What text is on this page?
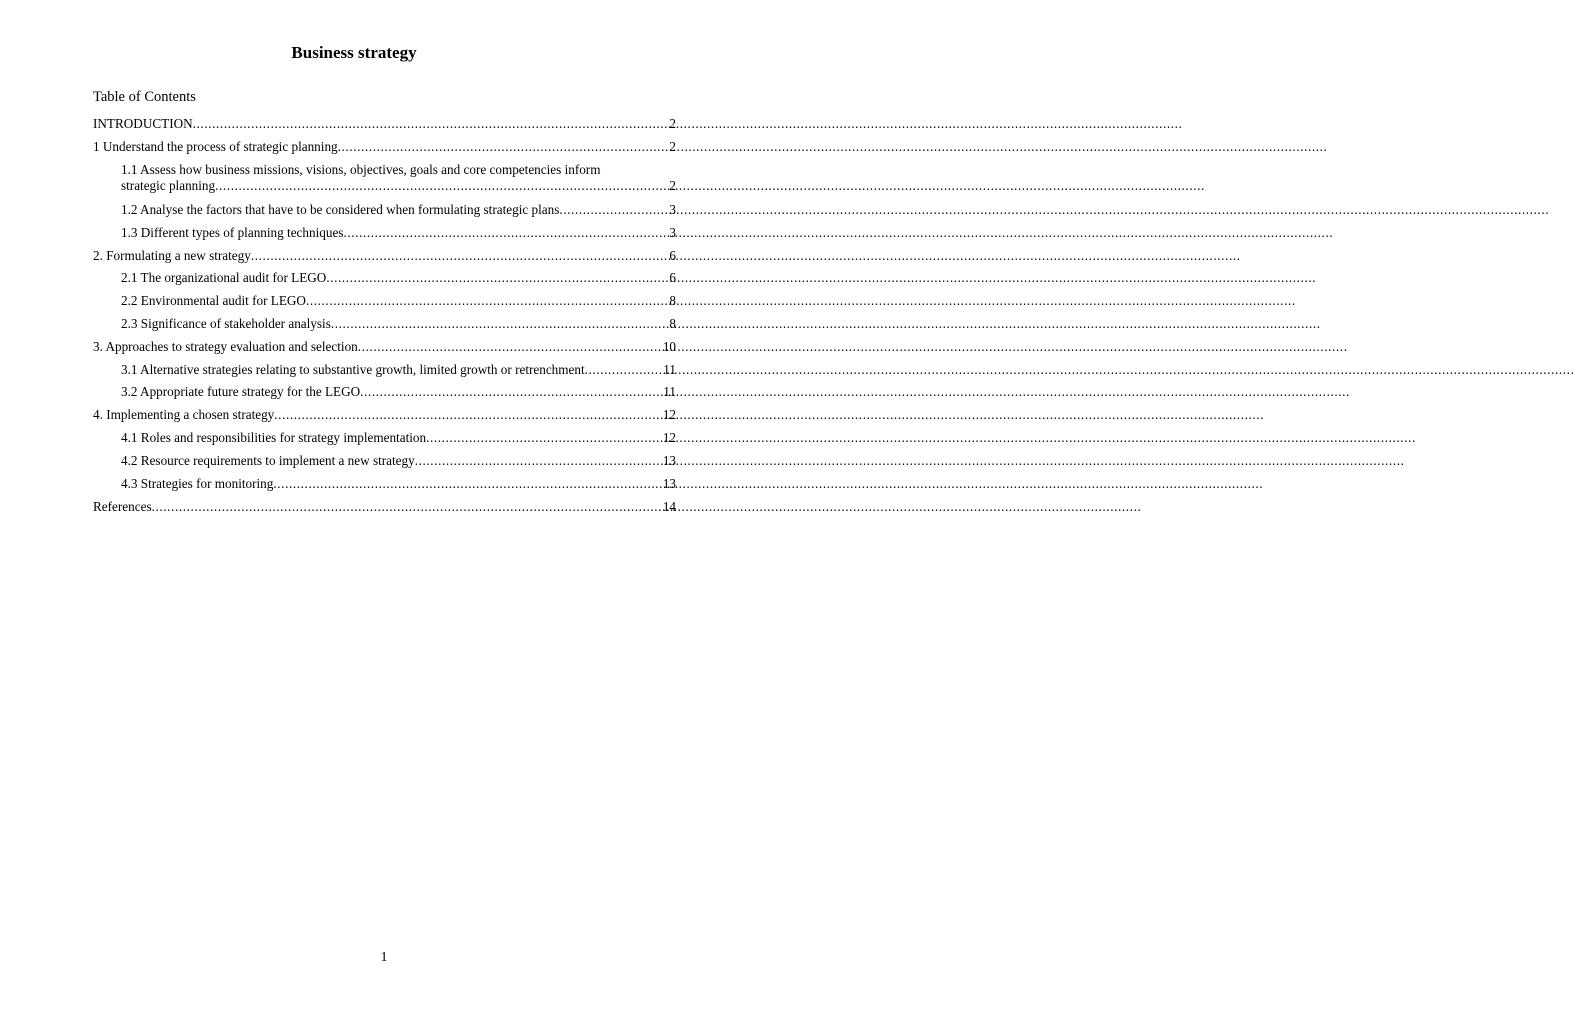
Business strategy
Table of Contents
INTRODUCTION .....	2
1 Understand the process of strategic planning .....	2
1.1 Assess how business missions, visions, objectives, goals and core competencies inform
strategic planning .....	2
1.2 Analyse the factors that have to be considered when formulating strategic plans .....	3
1.3 Different types of planning techniques .....	3
2. Formulating a new strategy .....	6
2.1 The organizational audit for LEGO .....	6
2.2 Environmental audit for LEGO .....	8
2.3 Significance of stakeholder analysis .....	8
3. Approaches to strategy evaluation and selection .....	10
3.1 Alternative strategies relating to substantive growth, limited growth or retrenchment .....	11
3.2 Appropriate future strategy for the LEGO .....	11
4. Implementing a chosen strategy .....	12
4.1 Roles and responsibilities for strategy implementation .....	12
4.2 Resource requirements to implement a new strategy .....	13
4.3 Strategies for monitoring .....	13
References .....	14
1
